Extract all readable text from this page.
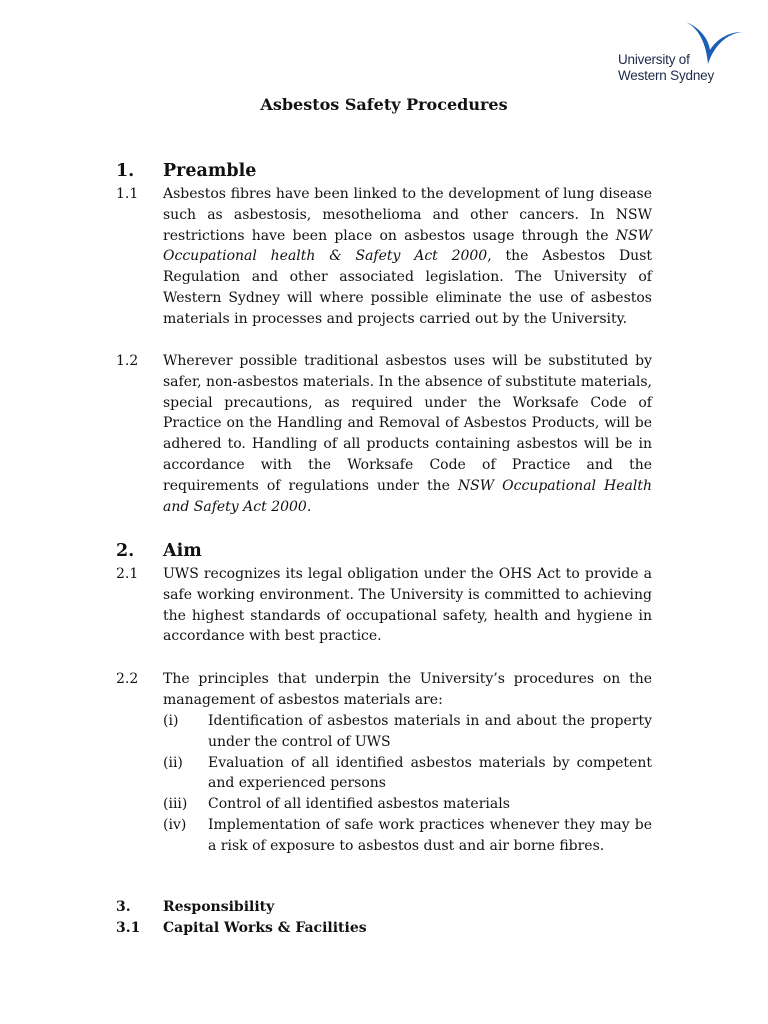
University of
Western Sydney
Asbestos Safety Procedures
1. Preamble
1.1 Asbestos fibres have been linked to the development of lung disease such as asbestosis, mesothelioma and other cancers. In NSW restrictions have been place on asbestos usage through the NSW Occupational health & Safety Act 2000, the Asbestos Dust Regulation and other associated legislation. The University of Western Sydney will where possible eliminate the use of asbestos materials in processes and projects carried out by the University.

1.2 Wherever possible traditional asbestos uses will be substituted by safer, non-asbestos materials. In the absence of substitute materials, special precautions, as required under the Worksafe Code of Practice on the Handling and Removal of Asbestos Products, will be adhered to. Handling of all products containing asbestos will be in accordance with the Worksafe Code of Practice and the requirements of regulations under the NSW Occupational Health and Safety Act 2000.

2. Aim
2.1 UWS recognizes its legal obligation under the OHS Act to provide a safe working environment. The University is committed to achieving the highest standards of occupational safety, health and hygiene in accordance with best practice.

2.2 The principles that underpin the University’s procedures on the management of asbestos materials are:

(i) Identification of asbestos materials in and about the property under the control of UWS
(ii) Evaluation of all identified asbestos materials by competent and experienced persons
(iii) Control of all identified asbestos materials
(iv) Implementation of safe work practices whenever they may be a risk of exposure to asbestos dust and air borne fibres.
3. Responsibility
3.1 Capital Works & Facilities
